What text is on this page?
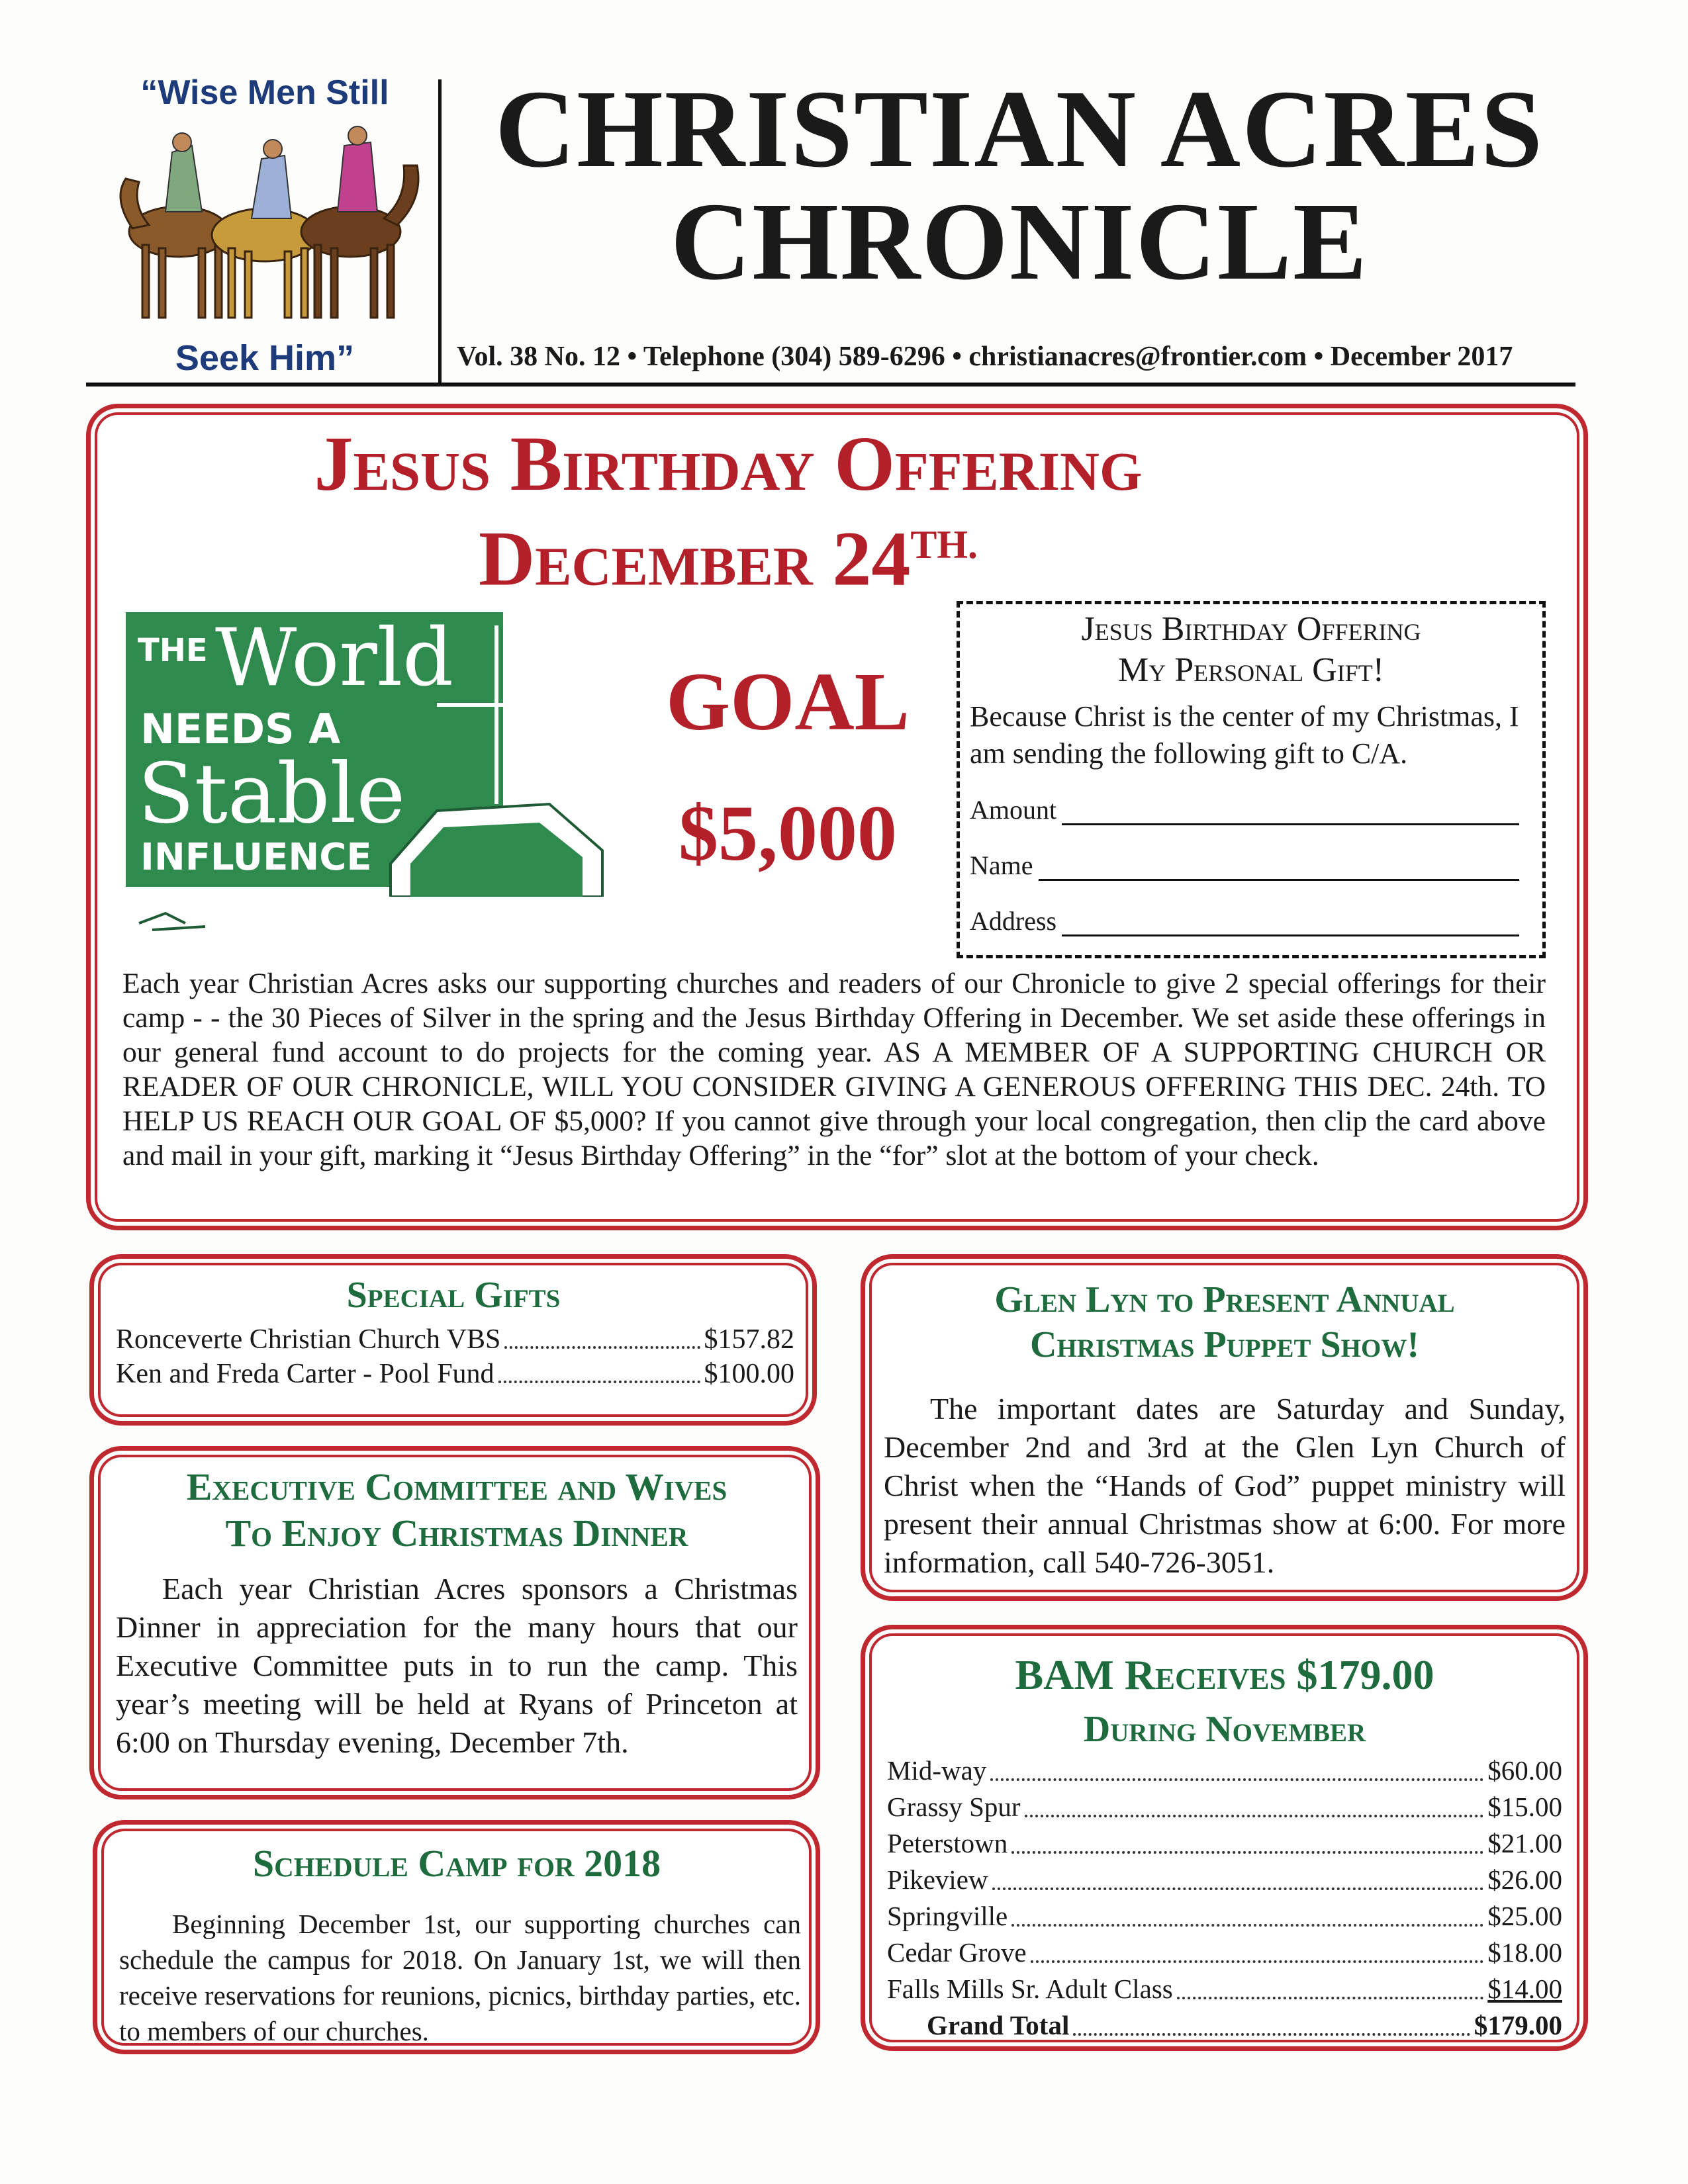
“Wise Men Still
Seek Him”
CHRISTIAN ACRES
CHRONICLE
Vol. 38 No. 12 • Telephone (304) 589-6296 • christianacres@frontier.com • December 2017
Jesus Birthday Offering
December $24^{TH.}$
THE World
NEEDS A
Stable
INFLUENCE
GOAL
$5,000
Jesus Birthday Offering
My Personal Gift!
Because Christ is the center of my Christmas, I am sending the following gift to C/A.
Amount
Name
Address
Each year Christian Acres asks our supporting churches and readers of our Chronicle to give 2 special offerings for their camp - - the 30 Pieces of Silver in the spring and the Jesus Birthday Offering in December. We set aside these offerings in our general fund account to do projects for the coming year. AS A MEMBER OF A SUPPORTING CHURCH OR READER OF OUR CHRONICLE, WILL YOU CONSIDER GIVING A GENEROUS OFFERING THIS DEC. 24th. TO HELP US REACH OUR GOAL OF $5,000? If you cannot give through your local congregation, then clip the card above and mail in your gift, marking it “Jesus Birthday Offering” in the “for” slot at the bottom of your check.
Special Gifts
Ronceverte Christian Church VBS	$157.82
Ken and Freda Carter - Pool Fund	$100.00
Executive Committee and Wives
To Enjoy Christmas Dinner
Each year Christian Acres sponsors a Christmas Dinner in appreciation for the many hours that our Executive Committee puts in to run the camp. This year’s meeting will be held at Ryans of Princeton at 6:00 on Thursday evening, December 7th.
Schedule Camp for 2018
Beginning December 1st, our supporting churches can schedule the campus for 2018. On January 1st, we will then receive reservations for reunions, picnics, birthday parties, etc. to members of our churches.
Glen Lyn to Present Annual
Christmas Puppet Show!
The important dates are Saturday and Sunday, December 2nd and 3rd at the Glen Lyn Church of Christ when the “Hands of God” puppet ministry will present their annual Christmas show at 6:00. For more information, call 540-726-3051.
BAM Receives $179.00
During November
Mid-way	$60.00
Grassy Spur	$15.00
Peterstown	$21.00
Pikeview	$26.00
Springville	$25.00
Cedar Grove	$18.00
Falls Mills Sr. Adult Class	$14.00
Grand Total	$179.00
